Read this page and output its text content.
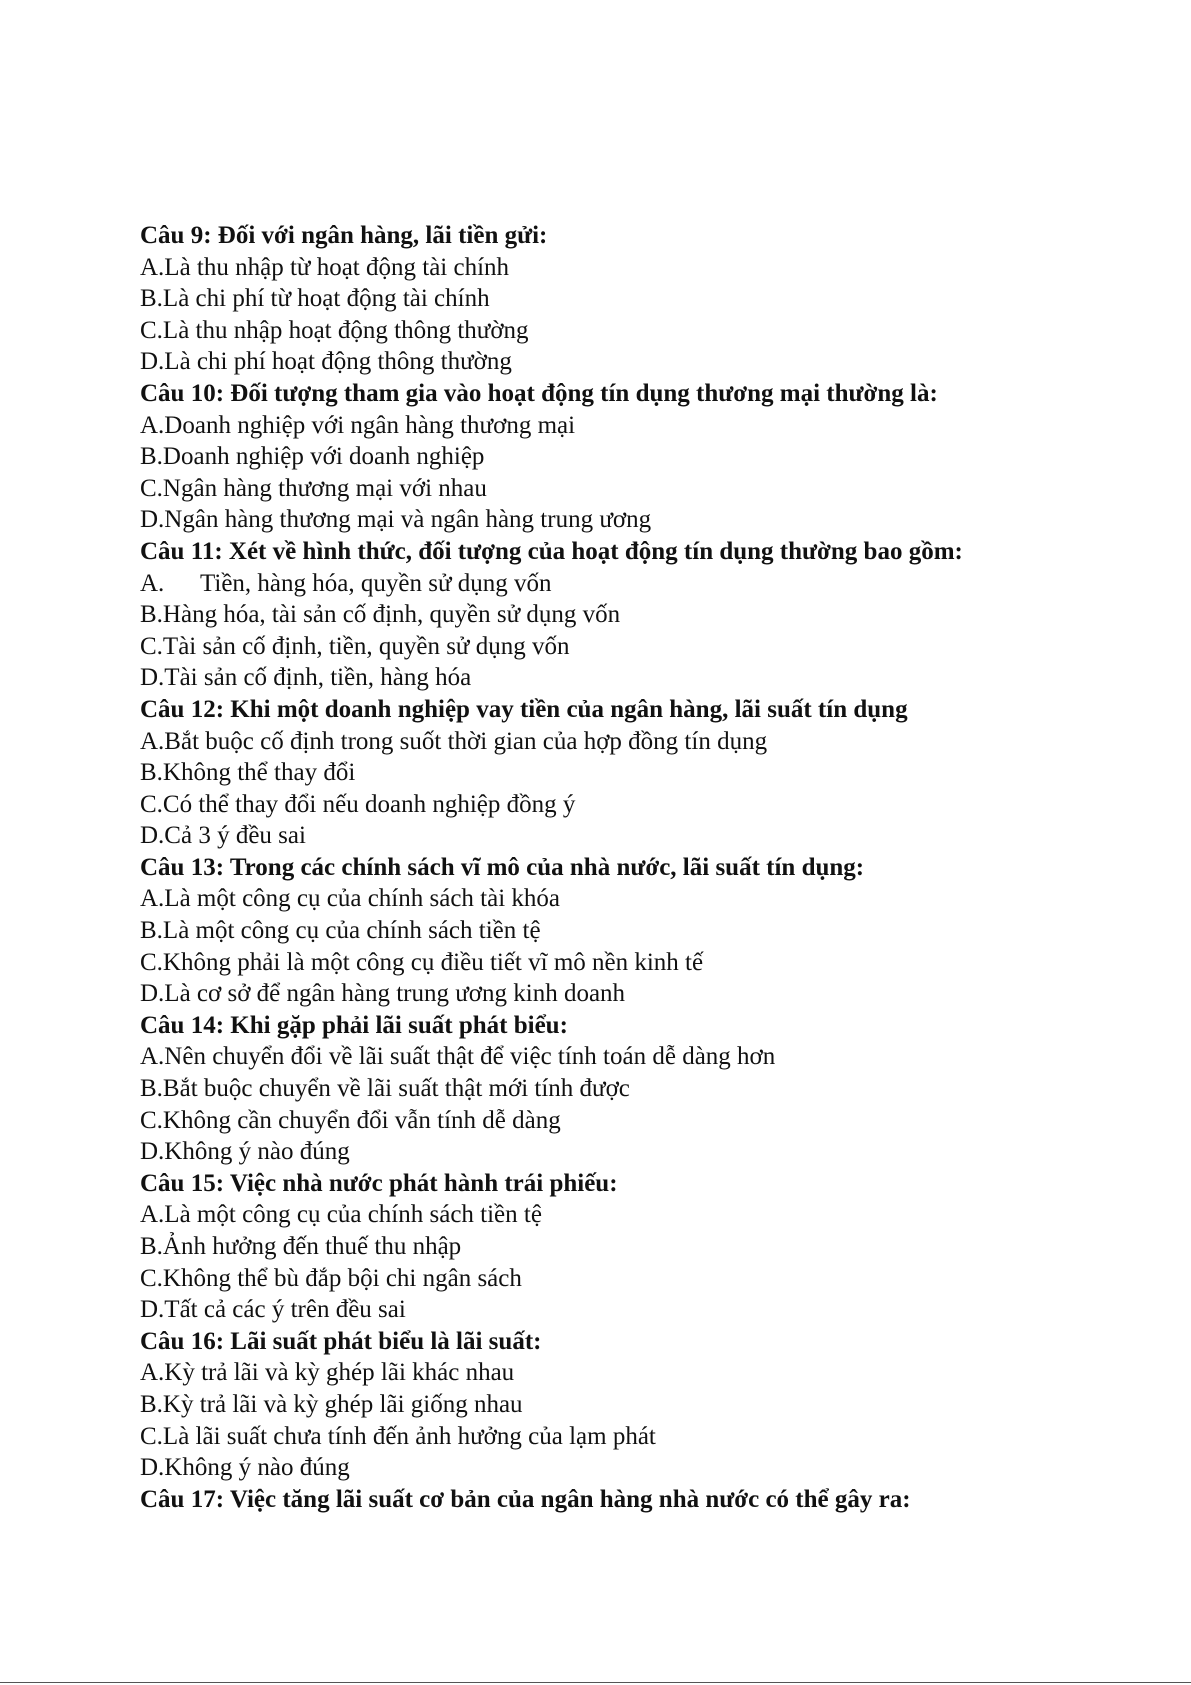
Câu 9: Đối với ngân hàng, lãi tiền gửi:
A.Là thu nhập từ hoạt động tài chính
B.Là chi phí từ hoạt động tài chính
C.Là thu nhập hoạt động thông thường
D.Là chi phí hoạt động thông thường
Câu 10: Đối tượng tham gia vào hoạt động tín dụng thương mại thường là:
A.Doanh nghiệp với ngân hàng thương mại
B.Doanh nghiệp với doanh nghiệp
C.Ngân hàng thương mại với nhau
D.Ngân hàng thương mại và ngân hàng trung ương
Câu 11: Xét về hình thức, đối tượng của hoạt động tín dụng thường bao gồm:
A. Tiền, hàng hóa, quyền sử dụng vốn
B.Hàng hóa, tài sản cố định, quyền sử dụng vốn
C.Tài sản cố định, tiền, quyền sử dụng vốn
D.Tài sản cố định, tiền, hàng hóa
Câu 12: Khi một doanh nghiệp vay tiền của ngân hàng, lãi suất tín dụng
A.Bắt buộc cố định trong suốt thời gian của hợp đồng tín dụng
B.Không thể thay đổi
C.Có thể thay đổi nếu doanh nghiệp đồng ý
D.Cả 3 ý đều sai
Câu 13: Trong các chính sách vĩ mô của nhà nước, lãi suất tín dụng:
A.Là một công cụ của chính sách tài khóa
B.Là một công cụ của chính sách tiền tệ
C.Không phải là một công cụ điều tiết vĩ mô nền kinh tế
D.Là cơ sở để ngân hàng trung ương kinh doanh
Câu 14: Khi gặp phải lãi suất phát biểu:
A.Nên chuyển đổi về lãi suất thật để việc tính toán dễ dàng hơn
B.Bắt buộc chuyển về lãi suất thật mới tính được
C.Không cần chuyển đổi vẫn tính dễ dàng
D.Không ý nào đúng
Câu 15: Việc nhà nước phát hành trái phiếu:
A.Là một công cụ của chính sách tiền tệ
B.Ảnh hưởng đến thuế thu nhập
C.Không thể bù đắp bội chi ngân sách
D.Tất cả các ý trên đều sai
Câu 16: Lãi suất phát biểu là lãi suất:
A.Kỳ trả lãi và kỳ ghép lãi khác nhau
B.Kỳ trả lãi và kỳ ghép lãi giống nhau
C.Là lãi suất chưa tính đến ảnh hưởng của lạm phát
D.Không ý nào đúng
Câu 17: Việc tăng lãi suất cơ bản của ngân hàng nhà nước có thể gây ra:
